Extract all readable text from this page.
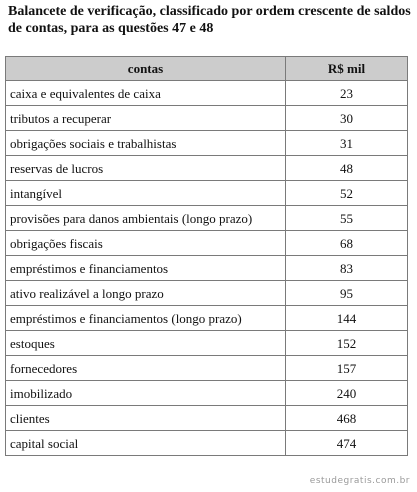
Balancete de verificação, classificado por ordem crescente de saldos de contas, para as questões 47 e 48
contas	R$ mil
caixa e equivalentes de caixa	23
tributos a recuperar	30
obrigações sociais e trabalhistas	31
reservas de lucros	48
intangível	52
provisões para danos ambientais (longo prazo)	55
obrigações fiscais	68
empréstimos e financiamentos	83
ativo realizável a longo prazo	95
empréstimos e financiamentos (longo prazo)	144
estoques	152
fornecedores	157
imobilizado	240
clientes	468
capital social	474
estudegratis.com.br
